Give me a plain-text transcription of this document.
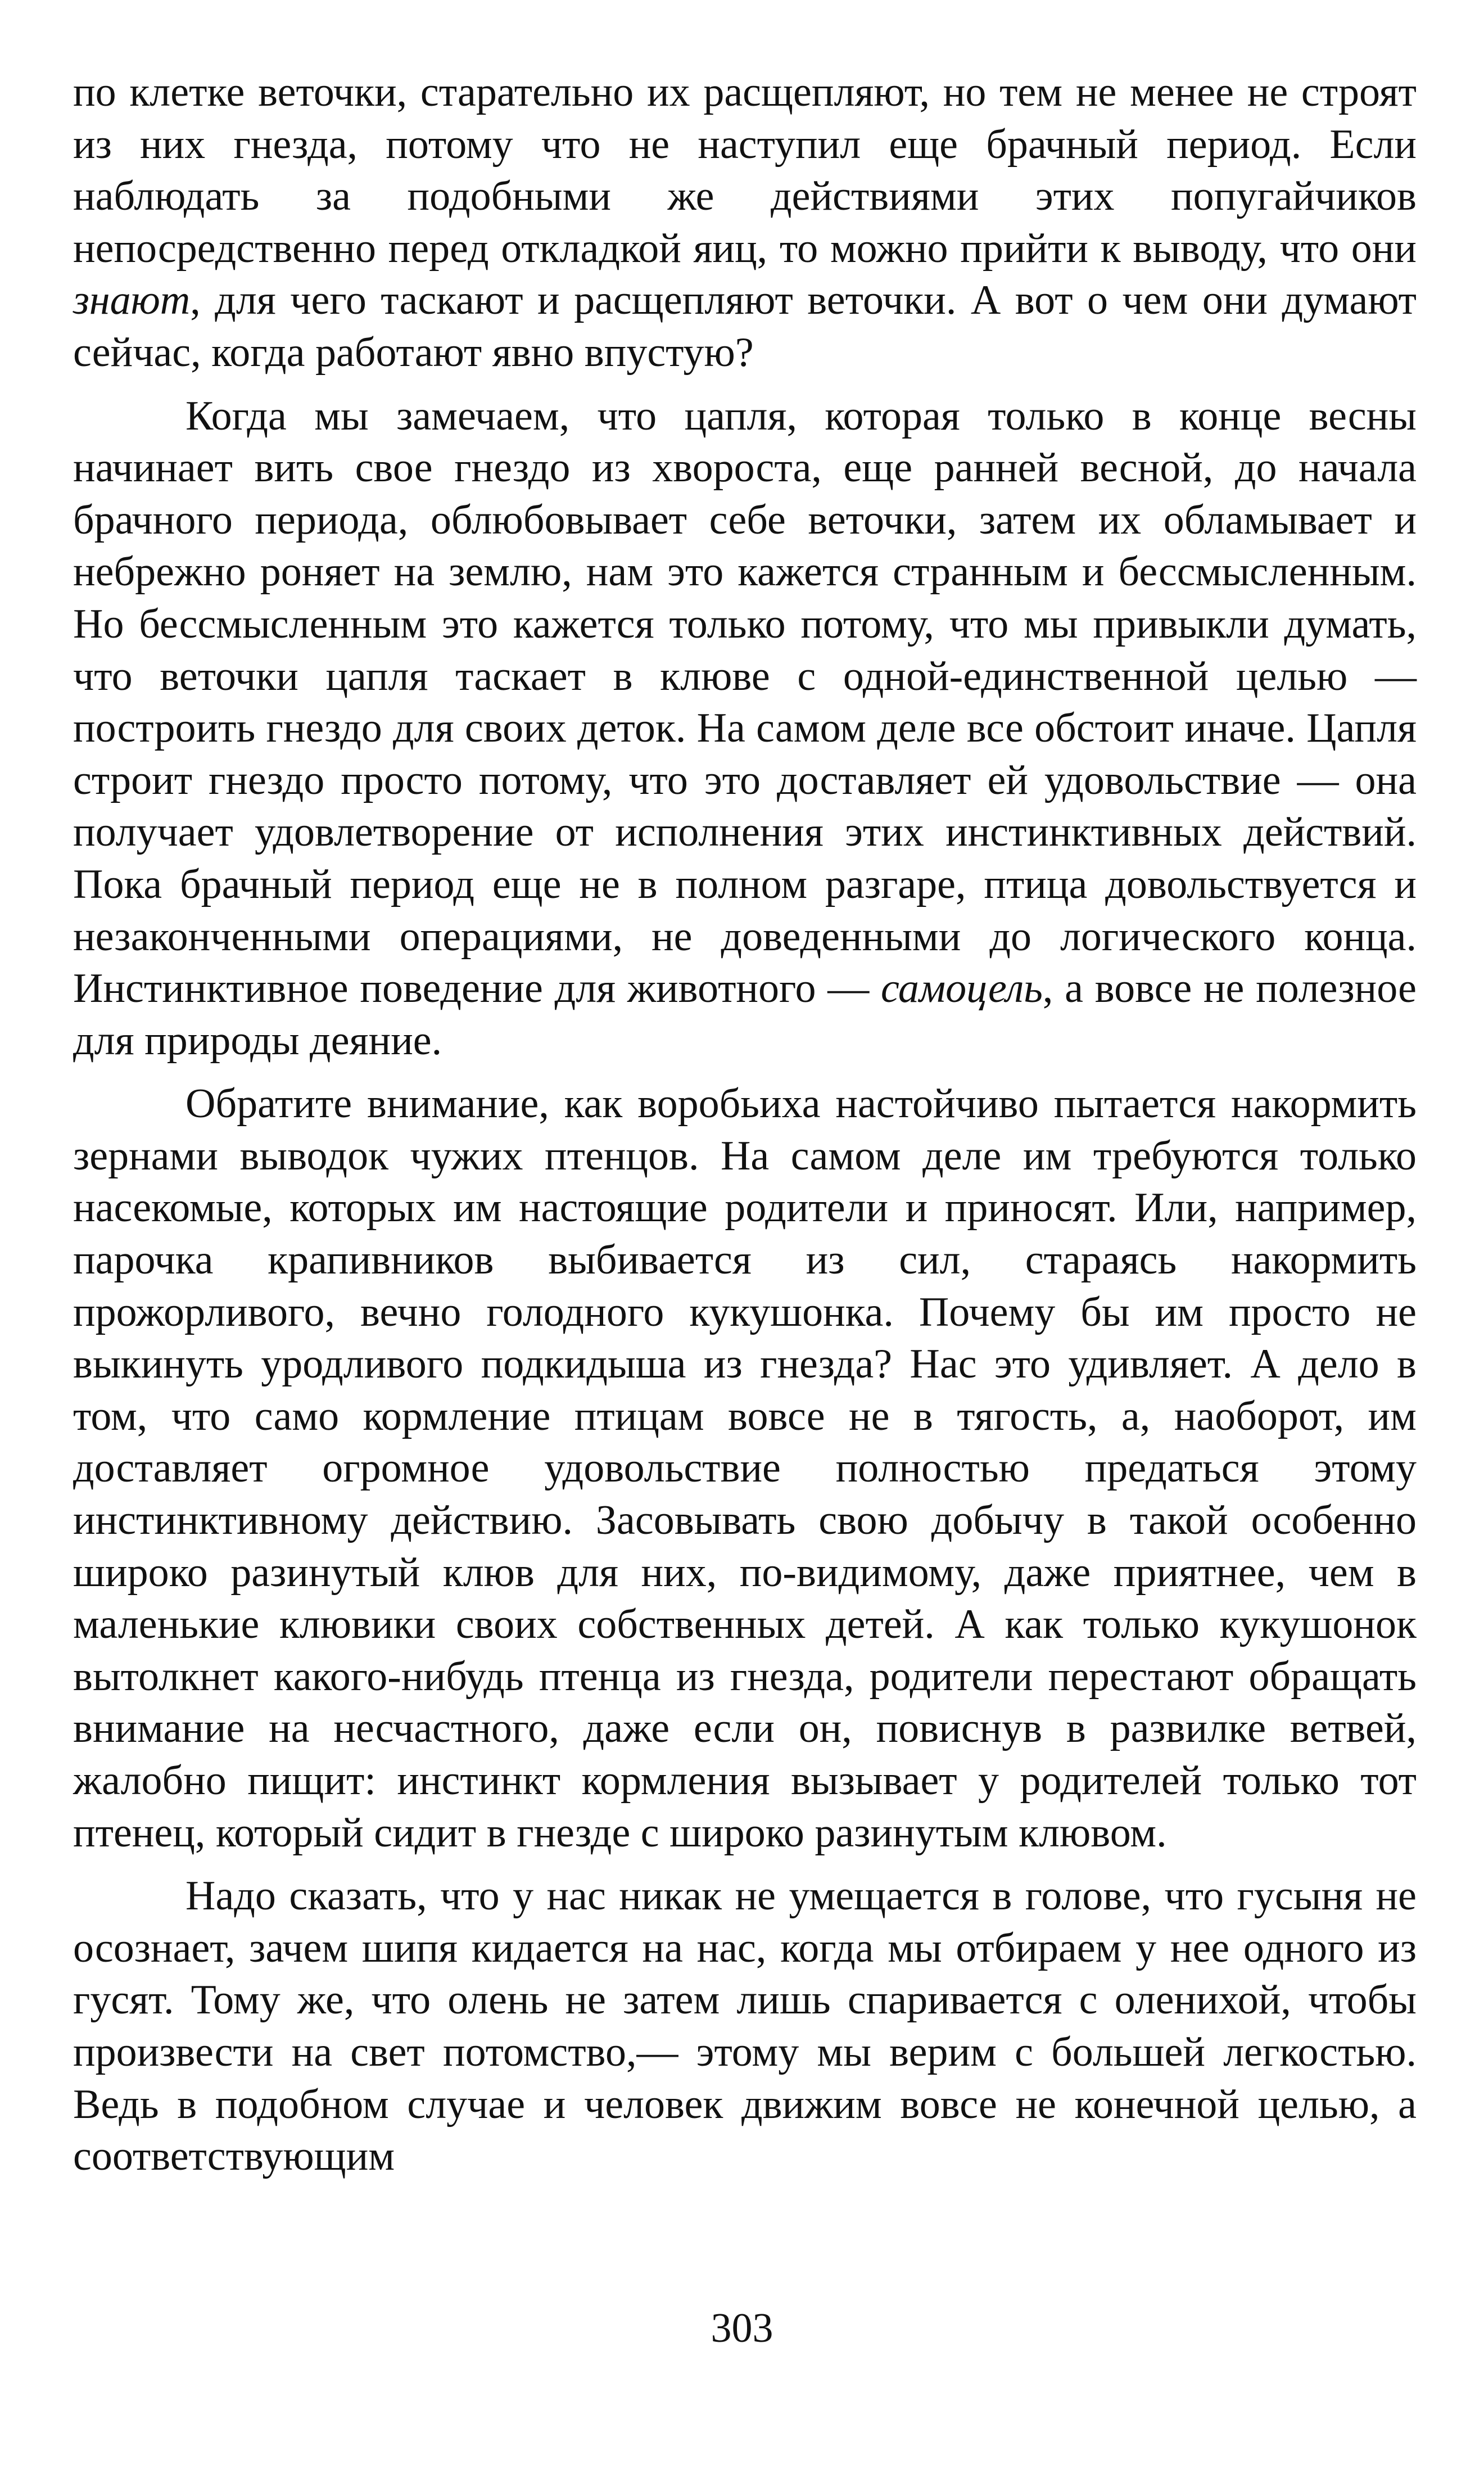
по клетке веточки, старательно их расщепляют, но тем не менее не строят из них гнезда, потому что не наступил еще брачный период. Если наблюдать за подобными же действиями этих попугайчиков непосредственно перед откладкой яиц, то можно прийти к выводу, что они знают, для чего таскают и расщепляют веточки. А вот о чем они думают сейчас, когда работают явно впустую?

Когда мы замечаем, что цапля, которая только в конце весны начинает вить свое гнездо из хвороста, еще ранней весной, до начала брачного периода, облюбовывает себе веточки, затем их обламывает и небрежно роняет на землю, нам это кажется странным и бессмысленным. Но бессмысленным это кажется только потому, что мы привыкли думать, что веточки цапля таскает в клюве с одной-единственной целью — построить гнездо для своих деток. На самом деле все обстоит иначе. Цапля строит гнездо просто потому, что это доставляет ей удовольствие — она получает удовлетворение от исполнения этих инстинктивных действий. Пока брачный период еще не в полном разгаре, птица довольствуется и незаконченными операциями, не доведенными до логического конца. Инстинктивное поведение для животного — самоцель, а вовсе не полезное для природы деяние.

Обратите внимание, как воробьиха настойчиво пытается накормить зернами выводок чужих птенцов. На самом деле им требуются только насекомые, которых им настоящие родители и приносят. Или, например, парочка крапивников выбивается из сил, стараясь накормить прожорливого, вечно голодного кукушонка. Почему бы им просто не выкинуть уродливого подкидыша из гнезда? Нас это удивляет. А дело в том, что само кормление птицам вовсе не в тягость, а, наоборот, им доставляет огромное удовольствие полностью предаться этому инстинктивному действию. Засовывать свою добычу в такой особенно широко разинутый клюв для них, по-видимому, даже приятнее, чем в маленькие клювики своих собственных детей. А как только кукушонок вытолкнет какого-нибудь птенца из гнезда, родители перестают обращать внимание на несчастного, даже если он, повиснув в развилке ветвей, жалобно пищит: инстинкт кормления вызывает у родителей только тот птенец, который сидит в гнезде с широко разинутым клювом.

Надо сказать, что у нас никак не умещается в голове, что гусыня не осознает, зачем шипя кидается на нас, когда мы отбираем у нее одного из гусят. Тому же, что олень не затем лишь спаривается с оленихой, чтобы произвести на свет потомство,— этому мы верим с большей легкостью. Ведь в подобном случае и человек движим вовсе не конечной целью, а соответствующим

303
